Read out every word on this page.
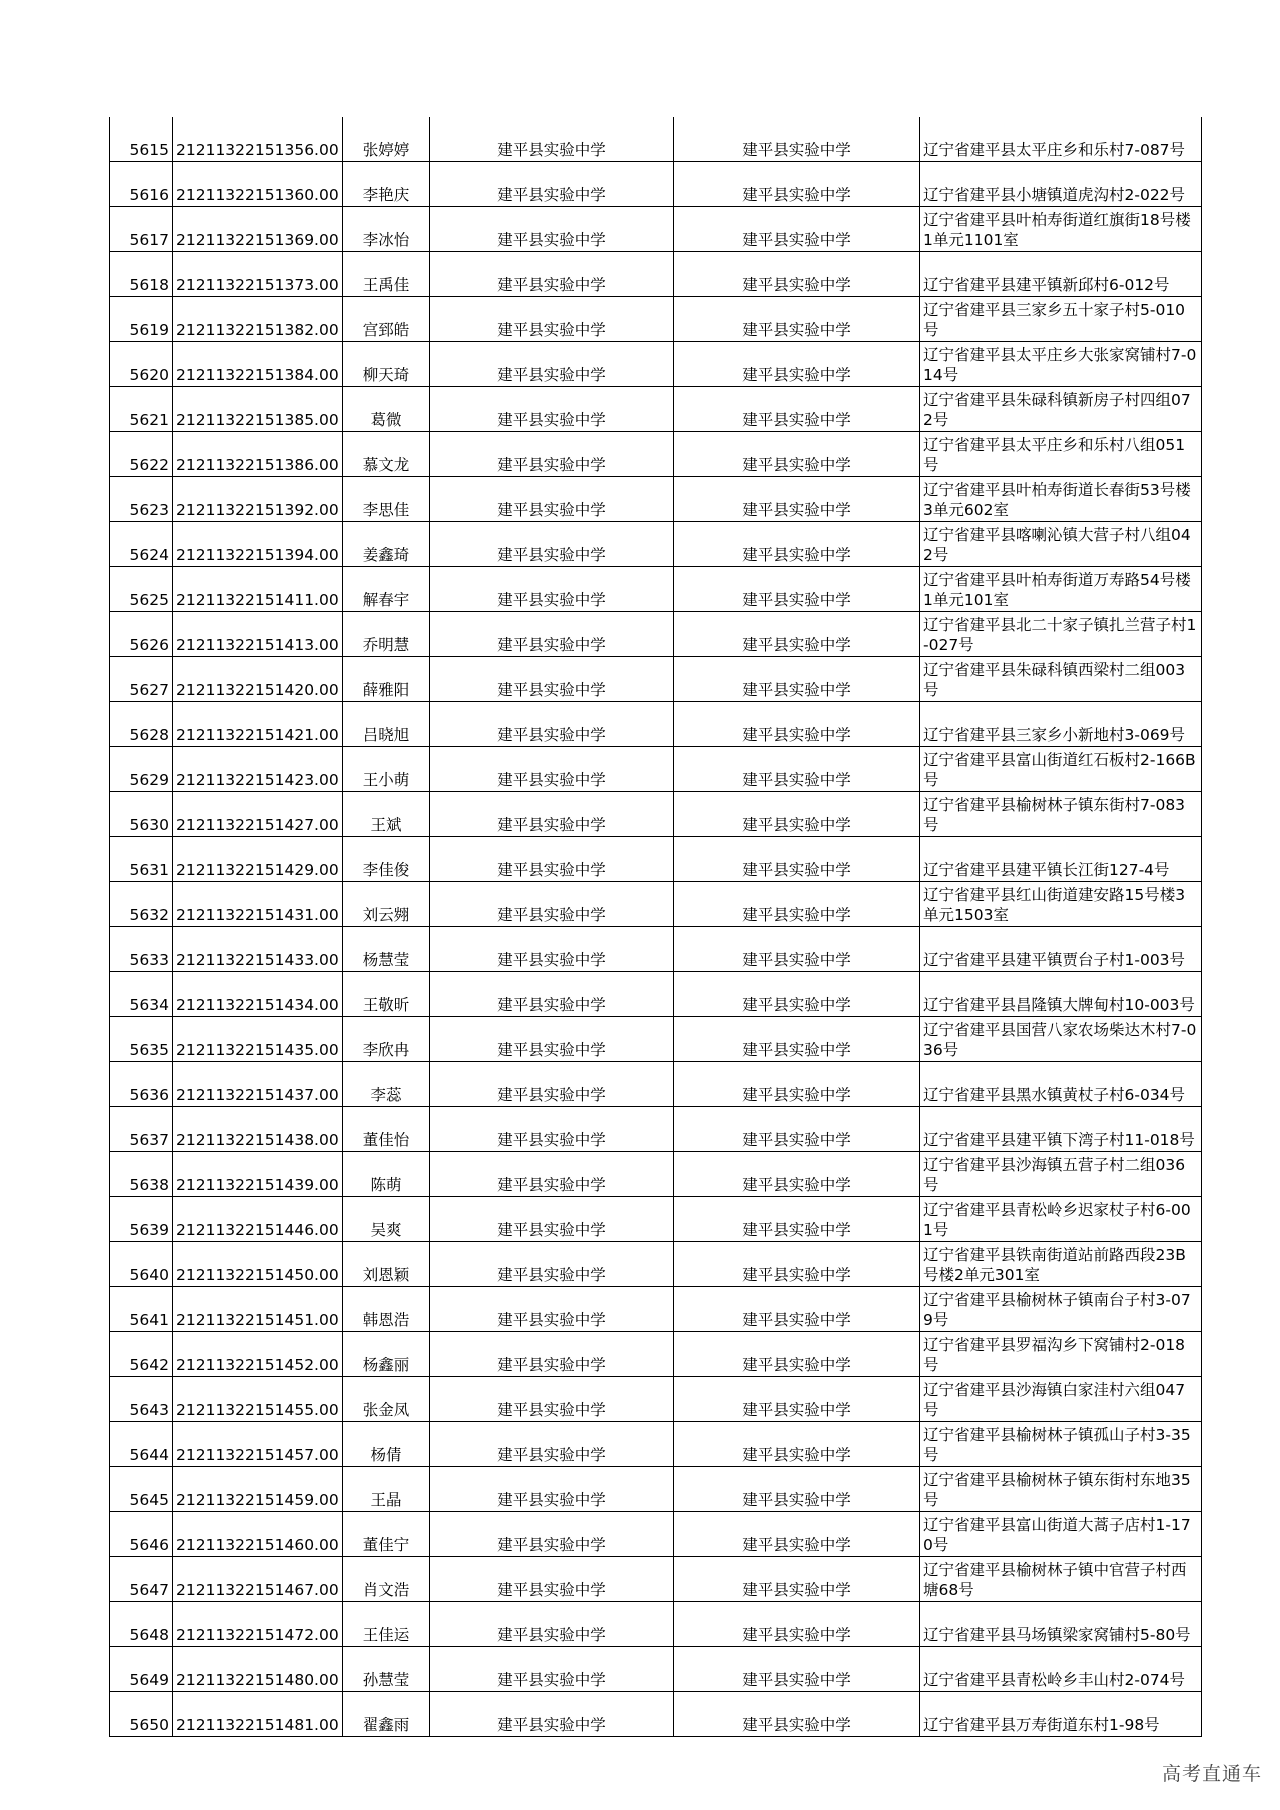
5615	21211322151356.00	张婷婷	建平县实验中学	建平县实验中学	辽宁省建平县太平庄乡和乐村7-087号
5616	21211322151360.00	李艳庆	建平县实验中学	建平县实验中学	辽宁省建平县小塘镇道虎沟村2-022号
5617	21211322151369.00	李冰怡	建平县实验中学	建平县实验中学	辽宁省建平县叶柏寿街道红旗街18号楼1单元1101室
5618	21211322151373.00	王禹佳	建平县实验中学	建平县实验中学	辽宁省建平县建平镇新邱村6-012号
5619	21211322151382.00	宫郅皓	建平县实验中学	建平县实验中学	辽宁省建平县三家乡五十家子村5-010号
5620	21211322151384.00	柳天琦	建平县实验中学	建平县实验中学	辽宁省建平县太平庄乡大张家窝铺村7-014号
5621	21211322151385.00	葛微	建平县实验中学	建平县实验中学	辽宁省建平县朱碌科镇新房子村四组072号
5622	21211322151386.00	慕文龙	建平县实验中学	建平县实验中学	辽宁省建平县太平庄乡和乐村八组051号
5623	21211322151392.00	李思佳	建平县实验中学	建平县实验中学	辽宁省建平县叶柏寿街道长春街53号楼3单元602室
5624	21211322151394.00	姜鑫琦	建平县实验中学	建平县实验中学	辽宁省建平县喀喇沁镇大营子村八组042号
5625	21211322151411.00	解春宇	建平县实验中学	建平县实验中学	辽宁省建平县叶柏寿街道万寿路54号楼1单元101室
5626	21211322151413.00	乔明慧	建平县实验中学	建平县实验中学	辽宁省建平县北二十家子镇扎兰营子村1-027号
5627	21211322151420.00	薛雅阳	建平县实验中学	建平县实验中学	辽宁省建平县朱碌科镇西梁村二组003号
5628	21211322151421.00	吕晓旭	建平县实验中学	建平县实验中学	辽宁省建平县三家乡小新地村3-069号
5629	21211322151423.00	王小萌	建平县实验中学	建平县实验中学	辽宁省建平县富山街道红石板村2-166B号
5630	21211322151427.00	王斌	建平县实验中学	建平县实验中学	辽宁省建平县榆树林子镇东街村7-083号
5631	21211322151429.00	李佳俊	建平县实验中学	建平县实验中学	辽宁省建平县建平镇长江街127-4号
5632	21211322151431.00	刘云翙	建平县实验中学	建平县实验中学	辽宁省建平县红山街道建安路15号楼3单元1503室
5633	21211322151433.00	杨慧莹	建平县实验中学	建平县实验中学	辽宁省建平县建平镇贾台子村1-003号
5634	21211322151434.00	王敬昕	建平县实验中学	建平县实验中学	辽宁省建平县昌隆镇大牌甸村10-003号
5635	21211322151435.00	李欣冉	建平县实验中学	建平县实验中学	辽宁省建平县国营八家农场柴达木村7-036号
5636	21211322151437.00	李蕊	建平县实验中学	建平县实验中学	辽宁省建平县黑水镇黄杖子村6-034号
5637	21211322151438.00	董佳怡	建平县实验中学	建平县实验中学	辽宁省建平县建平镇下湾子村11-018号
5638	21211322151439.00	陈萌	建平县实验中学	建平县实验中学	辽宁省建平县沙海镇五营子村二组036号
5639	21211322151446.00	吴爽	建平县实验中学	建平县实验中学	辽宁省建平县青松岭乡迟家杖子村6-001号
5640	21211322151450.00	刘恩颖	建平县实验中学	建平县实验中学	辽宁省建平县铁南街道站前路西段23B号楼2单元301室
5641	21211322151451.00	韩恩浩	建平县实验中学	建平县实验中学	辽宁省建平县榆树林子镇南台子村3-079号
5642	21211322151452.00	杨鑫丽	建平县实验中学	建平县实验中学	辽宁省建平县罗福沟乡下窝铺村2-018号
5643	21211322151455.00	张金凤	建平县实验中学	建平县实验中学	辽宁省建平县沙海镇白家洼村六组047号
5644	21211322151457.00	杨倩	建平县实验中学	建平县实验中学	辽宁省建平县榆树林子镇孤山子村3-35号
5645	21211322151459.00	王晶	建平县实验中学	建平县实验中学	辽宁省建平县榆树林子镇东街村东地35号
5646	21211322151460.00	董佳宁	建平县实验中学	建平县实验中学	辽宁省建平县富山街道大蒿子店村1-170号
5647	21211322151467.00	肖文浩	建平县实验中学	建平县实验中学	辽宁省建平县榆树林子镇中官营子村西塘68号
5648	21211322151472.00	王佳运	建平县实验中学	建平县实验中学	辽宁省建平县马场镇梁家窝铺村5-80号
5649	21211322151480.00	孙慧莹	建平县实验中学	建平县实验中学	辽宁省建平县青松岭乡丰山村2-074号
5650	21211322151481.00	翟鑫雨	建平县实验中学	建平县实验中学	辽宁省建平县万寿街道东村1-98号
高考直通车
